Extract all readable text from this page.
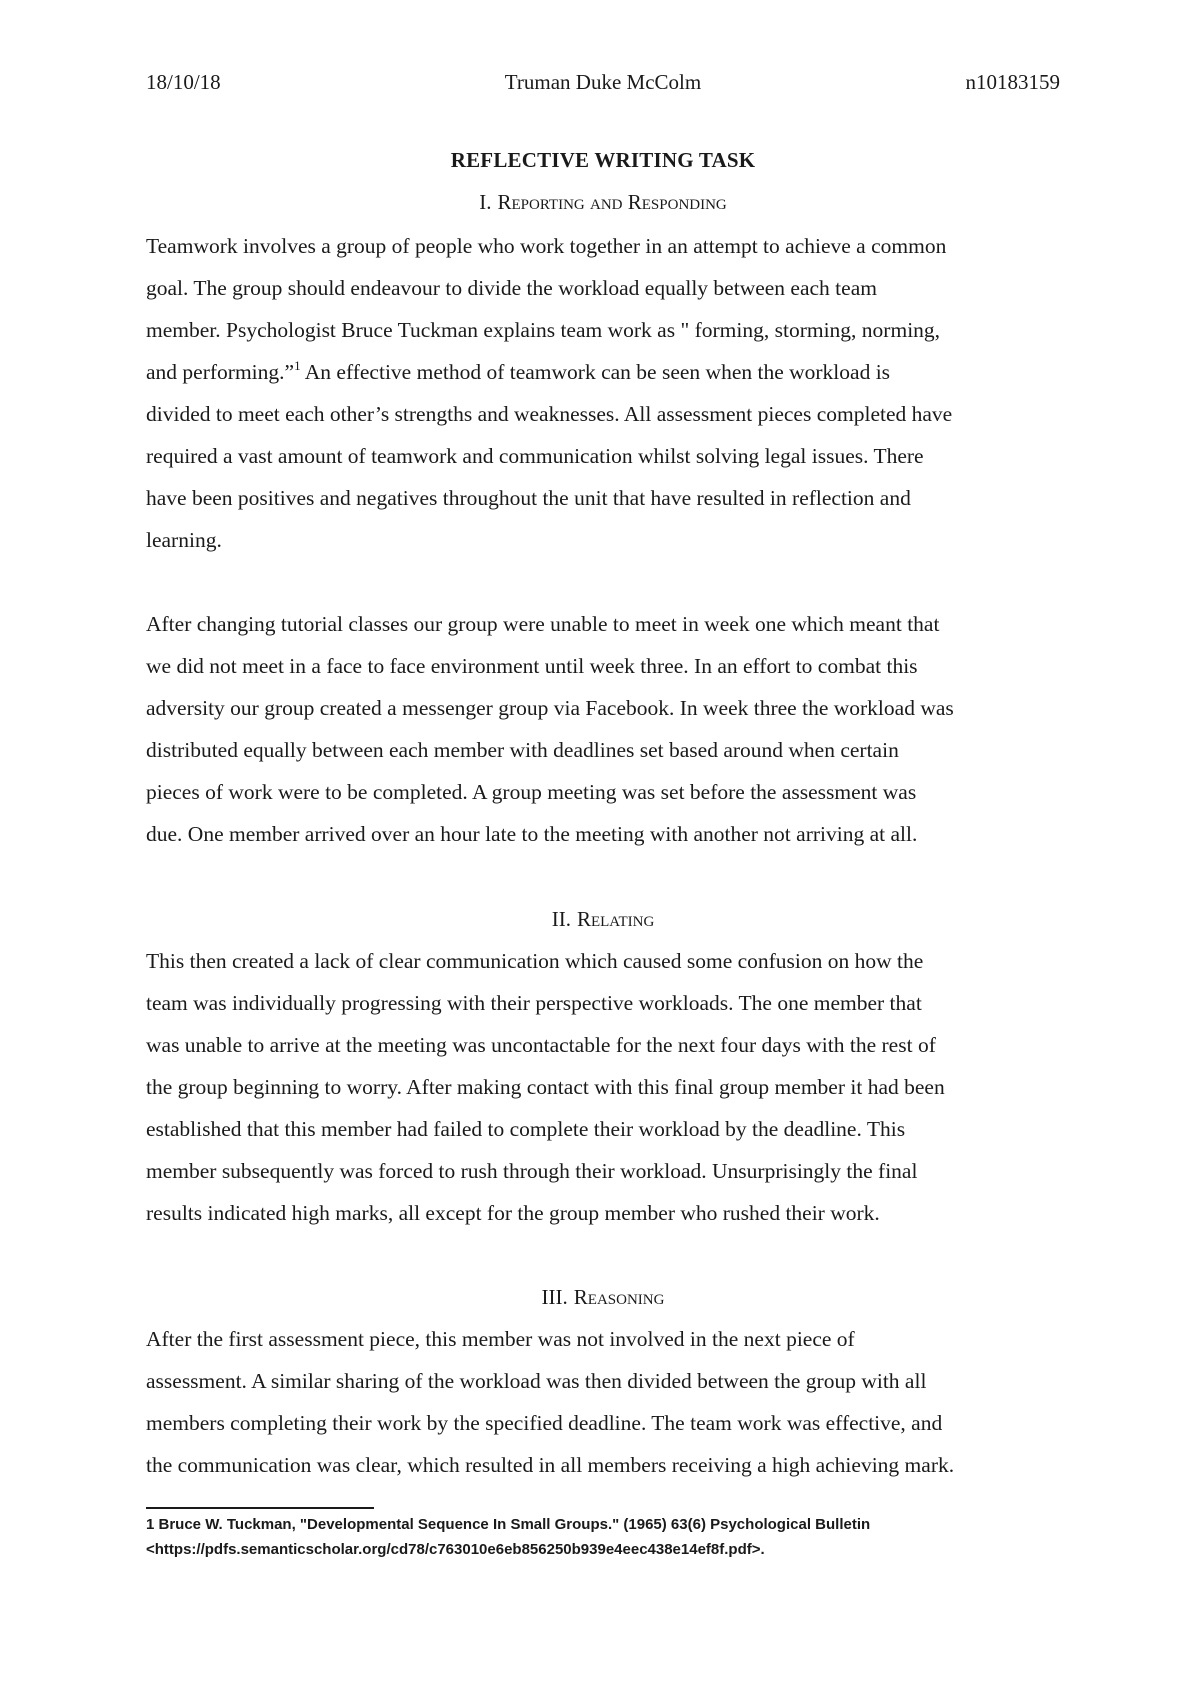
18/10/18	Truman Duke McColm	n10183159
REFLECTIVE WRITING TASK
I. Reporting and Responding
Teamwork involves a group of people who work together in an attempt to achieve a common
goal. The group should endeavour to divide the workload equally between each team
member. Psychologist Bruce Tuckman explains team work as " forming, storming, norming,
and performing.”$^1$ An effective method of teamwork can be seen when the workload is
divided to meet each other’s strengths and weaknesses. All assessment pieces completed have
required a vast amount of teamwork and communication whilst solving legal issues. There
have been positives and negatives throughout the unit that have resulted in reflection and
learning.
After changing tutorial classes our group were unable to meet in week one which meant that
we did not meet in a face to face environment until week three. In an effort to combat this
adversity our group created a messenger group via Facebook. In week three the workload was
distributed equally between each member with deadlines set based around when certain
pieces of work were to be completed. A group meeting was set before the assessment was
due. One member arrived over an hour late to the meeting with another not arriving at all.
II. Relating
This then created a lack of clear communication which caused some confusion on how the
team was individually progressing with their perspective workloads. The one member that
was unable to arrive at the meeting was uncontactable for the next four days with the rest of
the group beginning to worry. After making contact with this final group member it had been
established that this member had failed to complete their workload by the deadline. This
member subsequently was forced to rush through their workload. Unsurprisingly the final
results indicated high marks, all except for the group member who rushed their work.
III. Reasoning
After the first assessment piece, this member was not involved in the next piece of
assessment. A similar sharing of the workload was then divided between the group with all
members completing their work by the specified deadline. The team work was effective, and
the communication was clear, which resulted in all members receiving a high achieving mark.
1 Bruce W. Tuckman, "Developmental Sequence In Small Groups." (1965) 63(6) Psychological Bulletin
<https://pdfs.semanticscholar.org/cd78/c763010e6eb856250b939e4eec438e14ef8f.pdf>.
